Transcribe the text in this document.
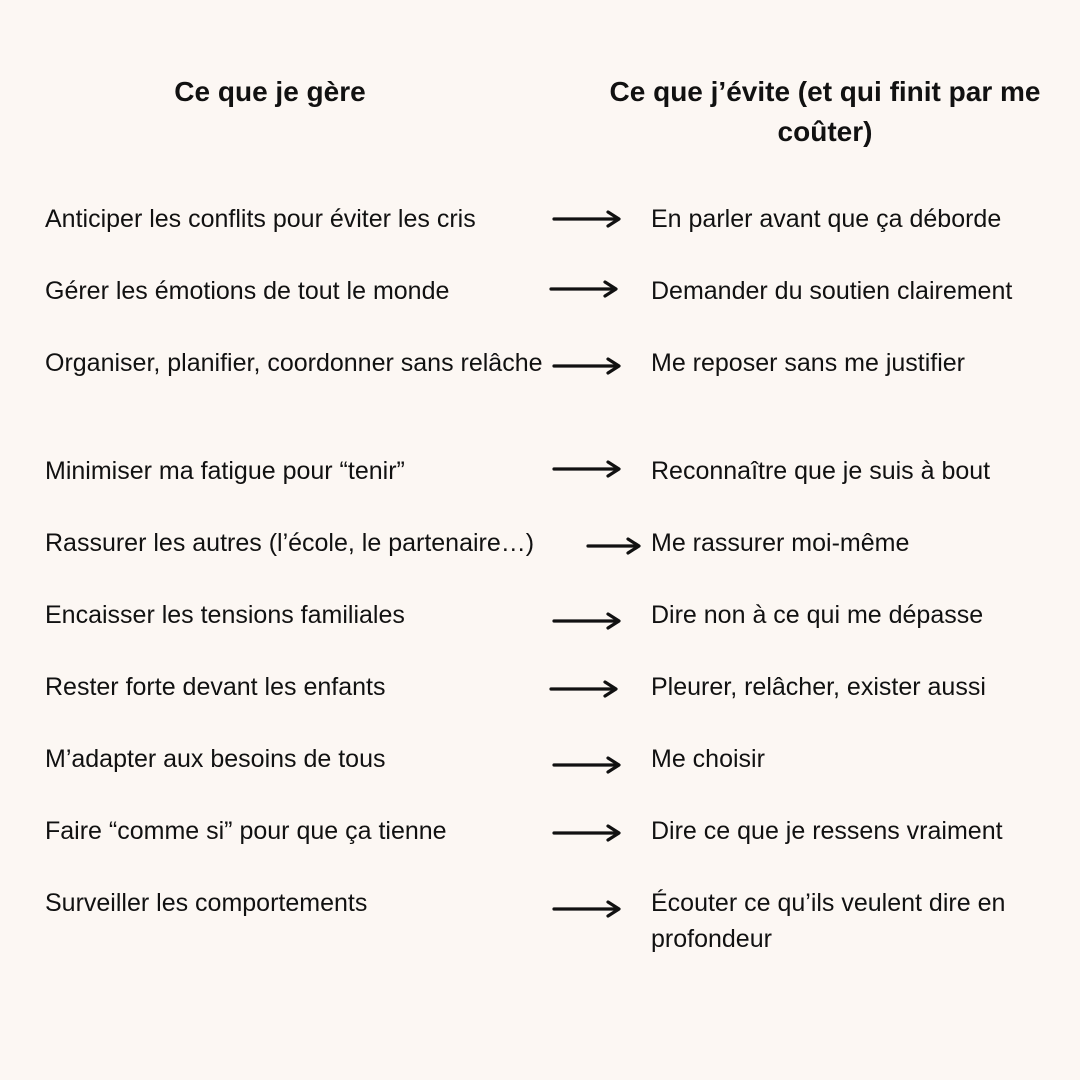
Ce que je gère	Ce que j’évite (et qui finit par me coûter)
Anticiper les conflits pour éviter les cris	En parler avant que ça déborde
Gérer les émotions de tout le monde	Demander du soutien clairement
Organiser, planifier, coordonner sans relâche	Me reposer sans me justifier
Minimiser ma fatigue pour “tenir”	Reconnaître que je suis à bout
Rassurer les autres (l’école, le partenaire…)	Me rassurer moi-même
Encaisser les tensions familiales	Dire non à ce qui me dépasse
Rester forte devant les enfants	Pleurer, relâcher, exister aussi
M’adapter aux besoins de tous	Me choisir
Faire “comme si” pour que ça tienne	Dire ce que je ressens vraiment
Surveiller les comportements	Écouter ce qu’ils veulent dire en profondeur
